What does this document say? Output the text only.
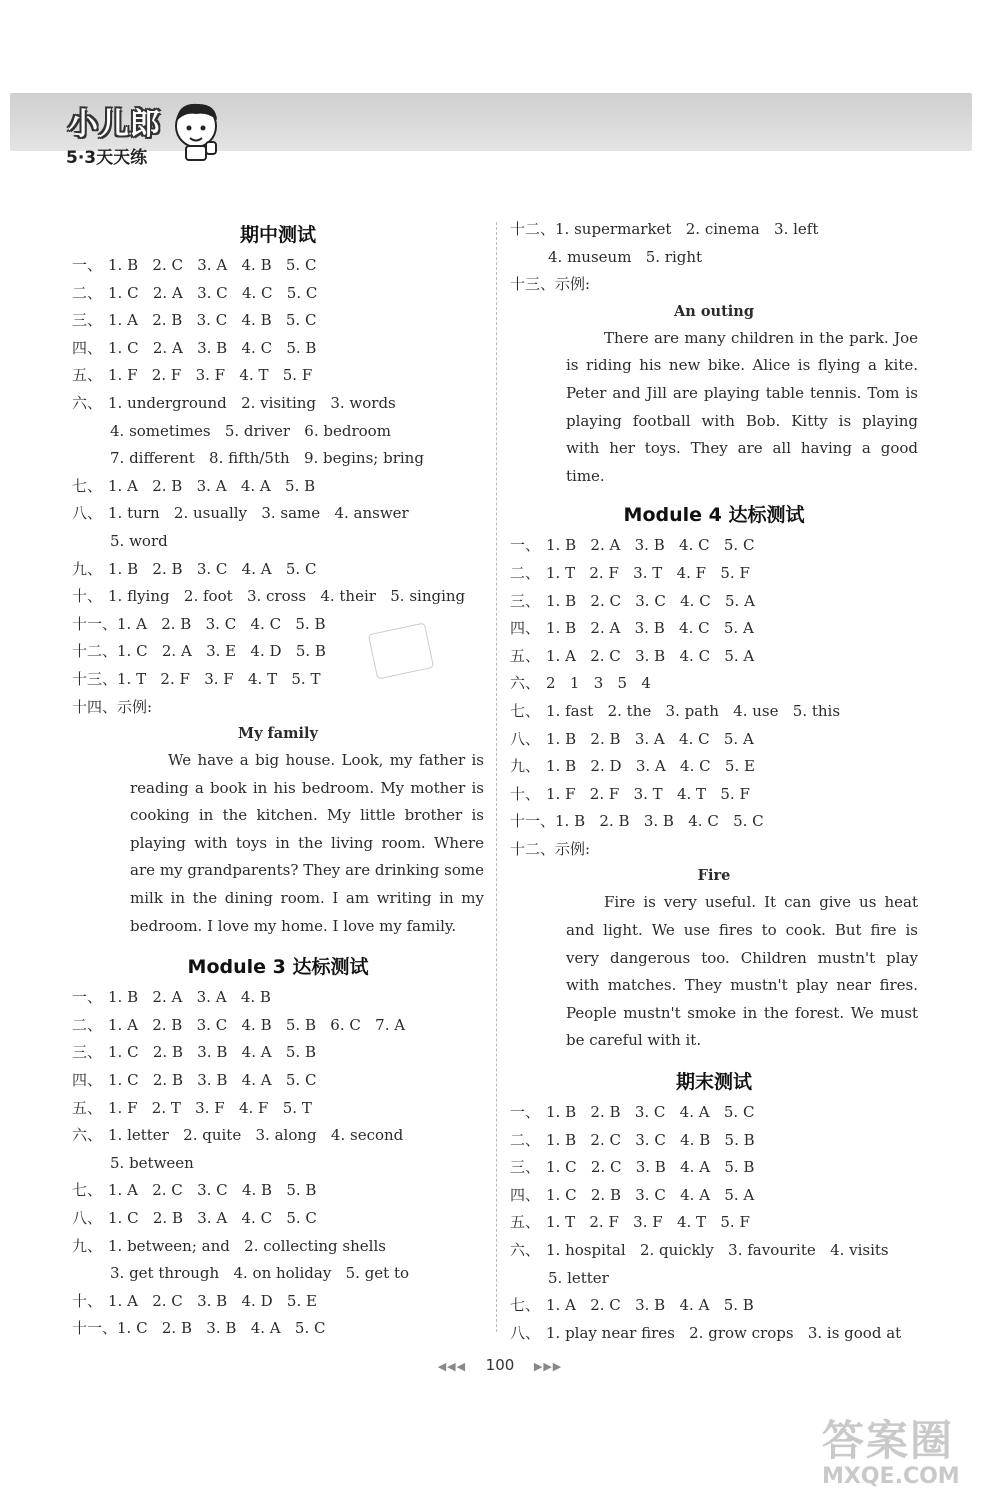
小儿郎
5·3天天练
期中测试
一、 1. B   2. C   3. A   4. B   5. C
二、 1. C   2. A   3. C   4. C   5. C
三、 1. A   2. B   3. C   4. B   5. C
四、 1. C   2. A   3. B   4. C   5. B
五、 1. F   2. F   3. F   4. T   5. F
六、 1. underground   2. visiting   3. words
4. sometimes   5. driver   6. bedroom
7. different   8. fifth/5th   9. begins; bring
七、 1. A   2. B   3. A   4. A   5. B
八、 1. turn   2. usually   3. same   4. answer
5. word
九、 1. B   2. B   3. C   4. A   5. C
十、 1. flying   2. foot   3. cross   4. their   5. singing
十一、1. A   2. B   3. C   4. C   5. B
十二、1. C   2. A   3. E   4. D   5. B
十三、1. T   2. F   3. F   4. T   5. T
十四、示例:
My family

We have a big house. Look, my father is reading a book in his bedroom. My mother is cooking in the kitchen. My little brother is playing with toys in the living room. Where are my grandparents? They are drinking some milk in the dining room. I am writing in my bedroom. I love my home. I love my family.

Module 3 达标测试
一、 1. B   2. A   3. A   4. B
二、 1. A   2. B   3. C   4. B   5. B   6. C   7. A
三、 1. C   2. B   3. B   4. A   5. B
四、 1. C   2. B   3. B   4. A   5. C
五、 1. F   2. T   3. F   4. F   5. T
六、 1. letter   2. quite   3. along   4. second
5. between
七、 1. A   2. C   3. C   4. B   5. B
八、 1. C   2. B   3. A   4. C   5. C
九、 1. between; and   2. collecting shells
3. get through   4. on holiday   5. get to
十、 1. A   2. C   3. B   4. D   5. E
十一、1. C   2. B   3. B   4. A   5. C
十二、1. supermarket   2. cinema   3. left
4. museum   5. right
十三、示例:
An outing

There are many children in the park. Joe is riding his new bike. Alice is flying a kite. Peter and Jill are playing table tennis. Tom is playing football with Bob. Kitty is playing with her toys. They are all having a good time.

Module 4 达标测试
一、 1. B   2. A   3. B   4. C   5. C
二、 1. T   2. F   3. T   4. F   5. F
三、 1. B   2. C   3. C   4. C   5. A
四、 1. B   2. A   3. B   4. C   5. A
五、 1. A   2. C   3. B   4. C   5. A
六、 2   1   3   5   4
七、 1. fast   2. the   3. path   4. use   5. this
八、 1. B   2. B   3. A   4. C   5. A
九、 1. B   2. D   3. A   4. C   5. E
十、 1. F   2. F   3. T   4. T   5. F
十一、1. B   2. B   3. B   4. C   5. C
十二、示例:
Fire

Fire is very useful. It can give us heat and light. We use fires to cook. But fire is very dangerous too. Children mustn't play with matches. They mustn't play near fires. People mustn't smoke in the forest. We must be careful with it.

期末测试
一、 1. B   2. B   3. C   4. A   5. C
二、 1. B   2. C   3. C   4. B   5. B
三、 1. C   2. C   3. B   4. A   5. B
四、 1. C   2. B   3. C   4. A   5. A
五、 1. T   2. F   3. F   4. T   5. F
六、 1. hospital   2. quickly   3. favourite   4. visits
5. letter
七、 1. A   2. C   3. B   4. A   5. B
八、 1. play near fires   2. grow crops   3. is good at
◀◀◀ 100 ▶▶▶
答案圈
MXQE.COM
